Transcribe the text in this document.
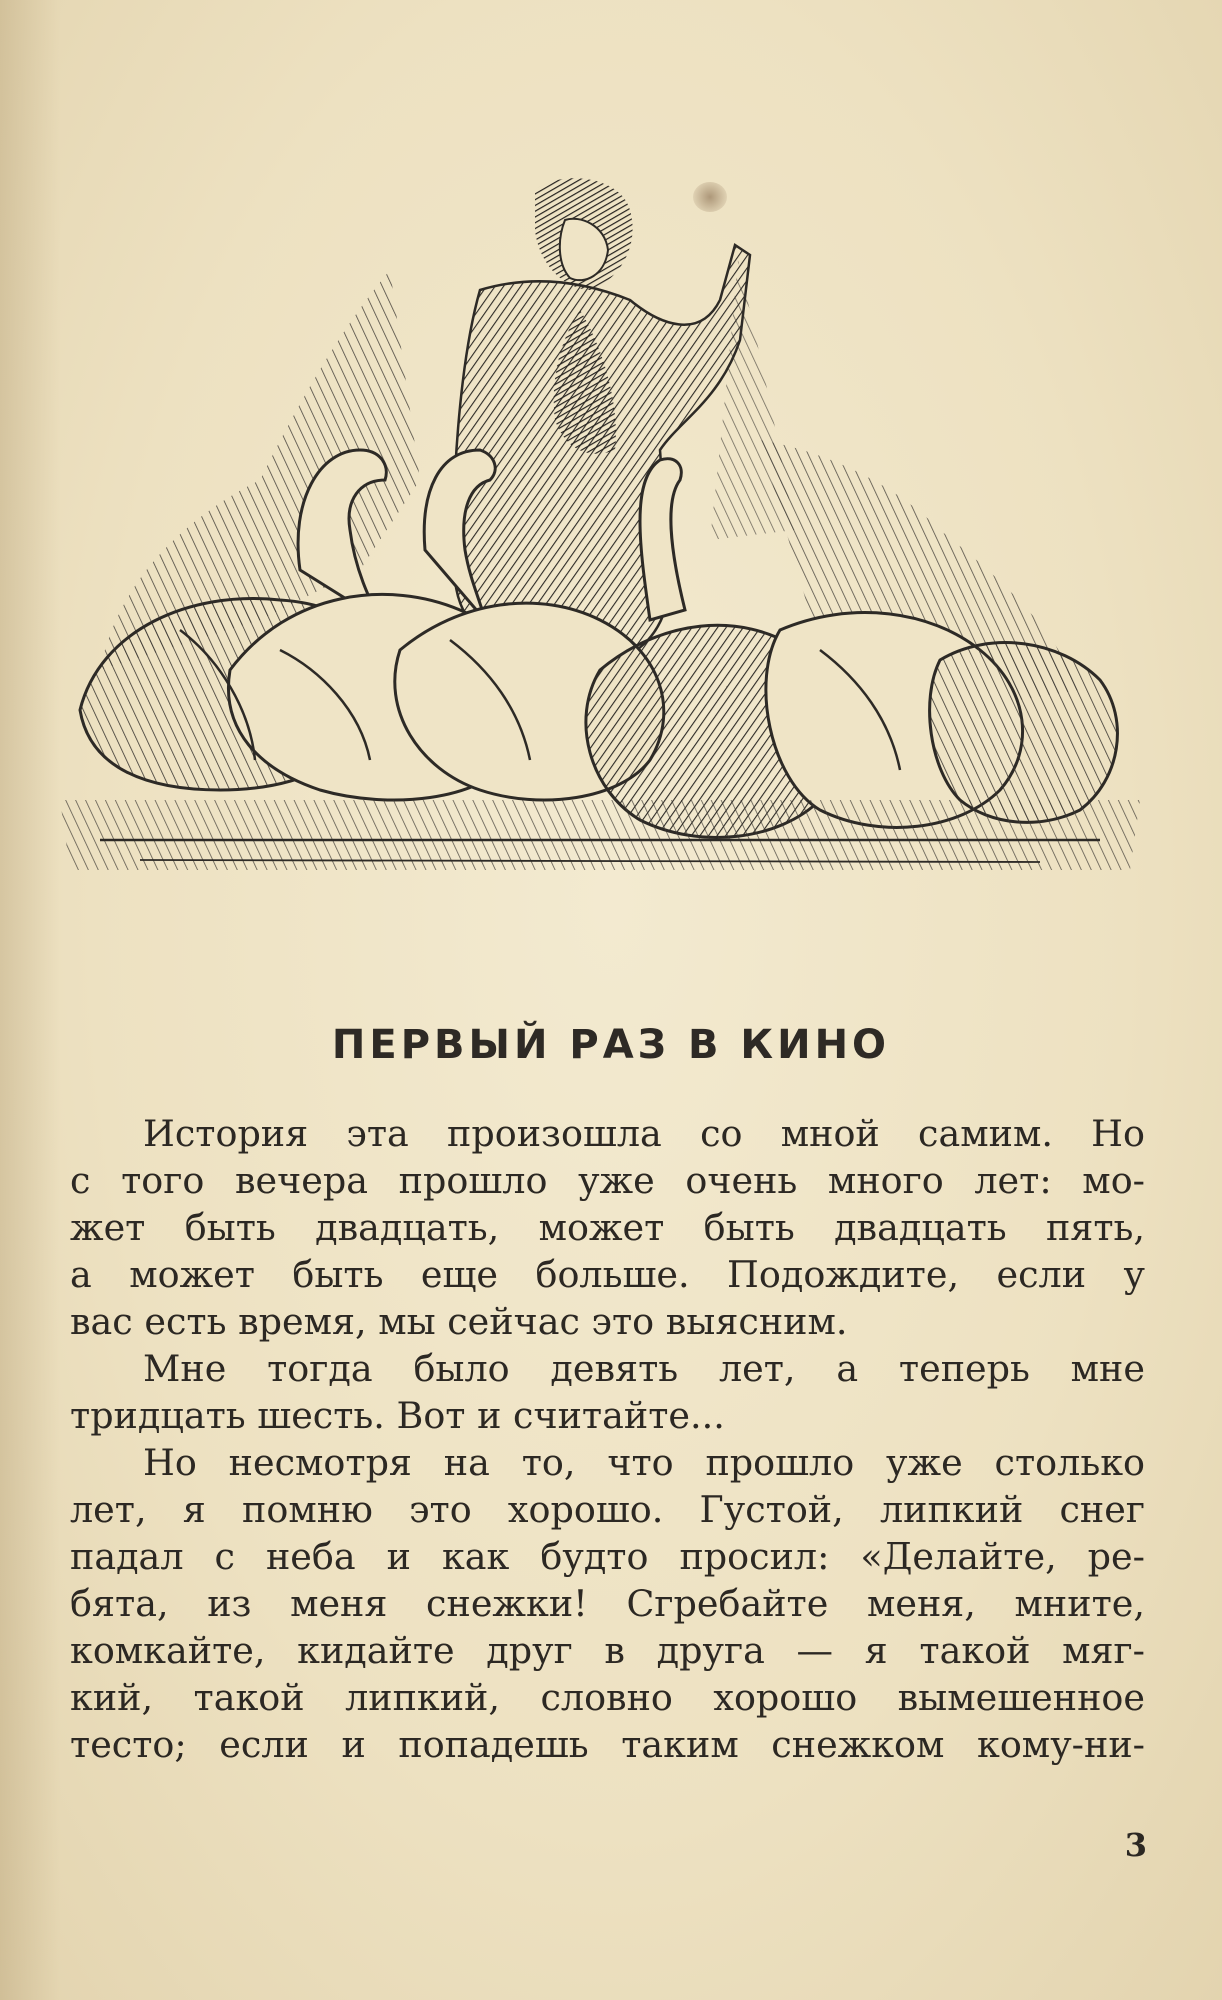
ПЕРВЫЙ РАЗ В КИНО
История эта произошла со мной самим. Но
с того вечера прошло уже очень много лет: мо-
жет быть двадцать, может быть двадцать пять,
а может быть еще больше. Подождите, если у
вас есть время, мы сейчас это выясним.
Мне тогда было девять лет, а теперь мне
тридцать шесть. Вот и считайте...
Но несмотря на то, что прошло уже столько
лет, я помню это хорошо. Густой, липкий снег
падал с неба и как будто просил: «Делайте, ре-
бята, из меня снежки! Сгребайте меня, мните,
комкайте, кидайте друг в друга — я такой мяг-
кий, такой липкий, словно хорошо вымешенное
тесто; если и попадешь таким снежком кому-ни-
3
